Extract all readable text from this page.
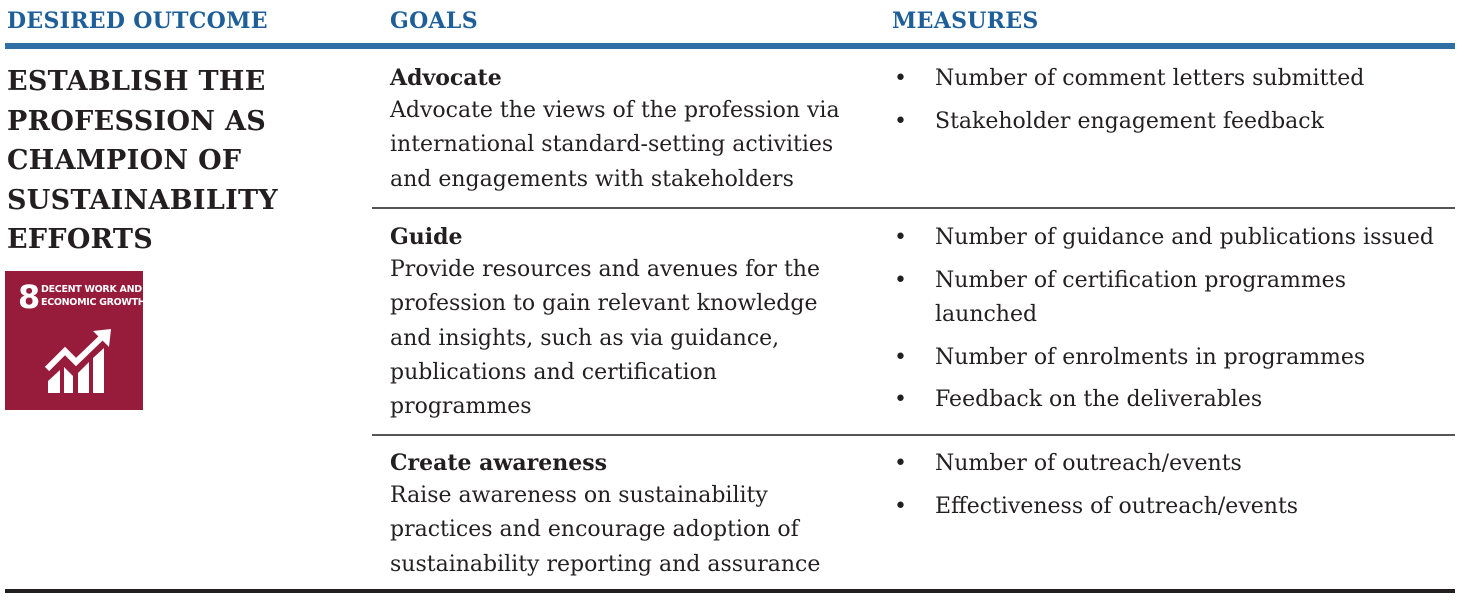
DESIRED OUTCOME	GOALS	MEASURES
ESTABLISH THE PROFESSION AS CHAMPION OF SUSTAINABILITY EFFORTS
8 DECENT WORK AND
ECONOMIC GROWTH
Advocate
Advocate the views of the profession via international standard-setting activities and engagements with stakeholders
• Number of comment letters submitted
• Stakeholder engagement feedback
Guide
Provide resources and avenues for the profession to gain relevant knowledge and insights, such as via guidance, publications and certification programmes
• Number of guidance and publications issued
• Number of certification programmes launched
• Number of enrolments in programmes
• Feedback on the deliverables
Create awareness
Raise awareness on sustainability practices and encourage adoption of sustainability reporting and assurance
• Number of outreach/events
• Effectiveness of outreach/events
